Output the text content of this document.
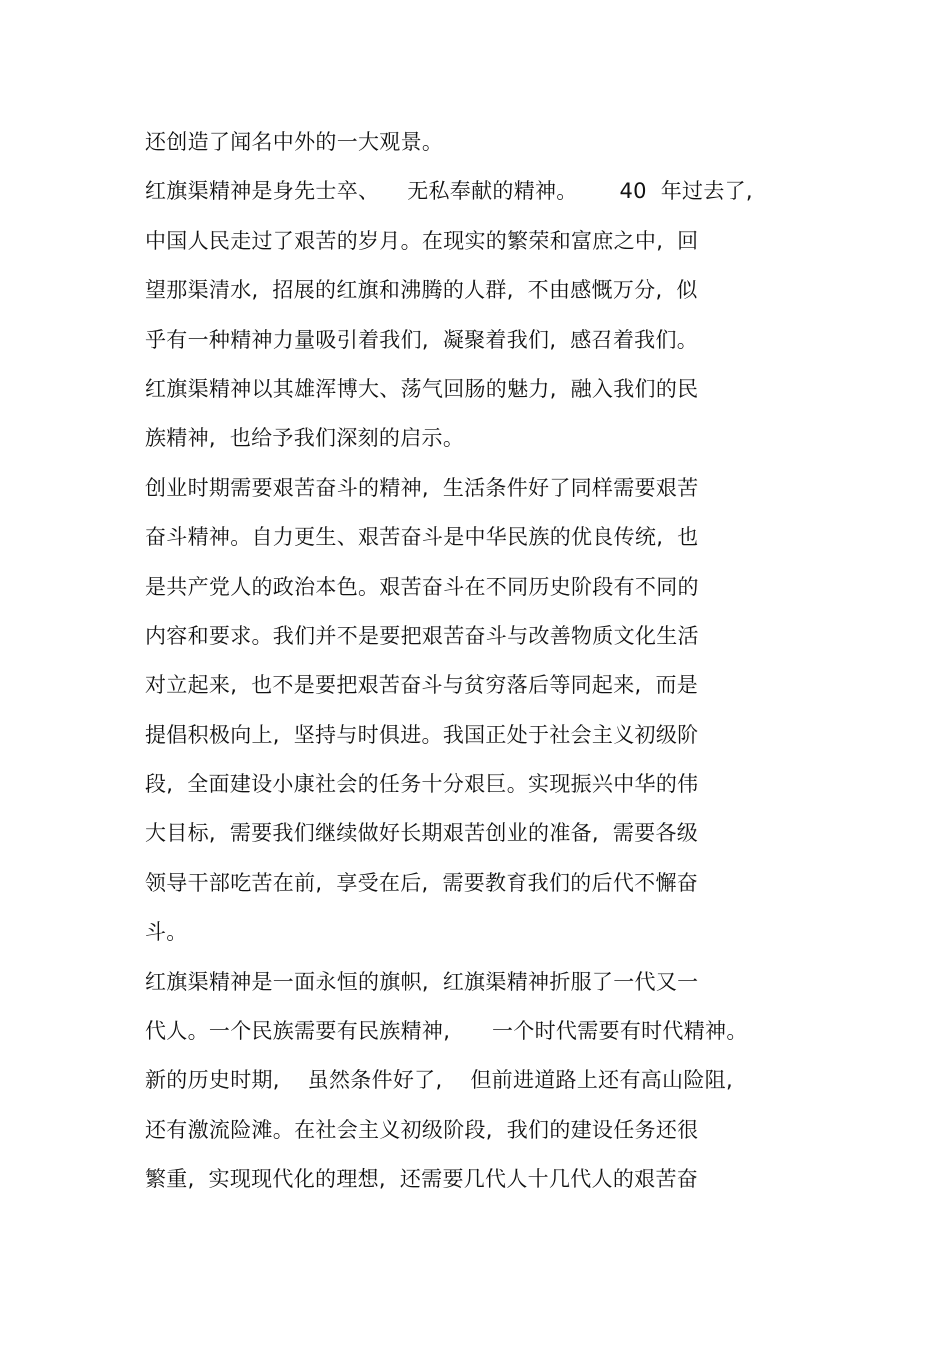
还创造了闻名中外的一大观景。
红旗渠精神是身先士卒、    无私奉献的精神。      40  年过去了,
中国人民走过了艰苦的岁月。在现实的繁荣和富庶之中,  回
望那渠清水,  招展的红旗和沸腾的人群,  不由感慨万分,  似
乎有一种精神力量吸引着我们,  凝聚着我们,  感召着我们。
红旗渠精神以其雄浑博大、荡气回肠的魅力,  融入我们的民
族精神,  也给予我们深刻的启示。
创业时期需要艰苦奋斗的精神,  生活条件好了同样需要艰苦
奋斗精神。自力更生、艰苦奋斗是中华民族的优良传统,  也
是共产党人的政治本色。艰苦奋斗在不同历史阶段有不同的
内容和要求。我们并不是要把艰苦奋斗与改善物质文化生活
对立起来,  也不是要把艰苦奋斗与贫穷落后等同起来,  而是
提倡积极向上,  坚持与时俱进。我国正处于社会主义初级阶
段,  全面建设小康社会的任务十分艰巨。实现振兴中华的伟
大目标,  需要我们继续做好长期艰苦创业的准备,  需要各级
领导干部吃苦在前,  享受在后,  需要教育我们的后代不懈奋
斗。
红旗渠精神是一面永恒的旗帜,  红旗渠精神折服了一代又一
代人。一个民族需要有民族精神,      一个时代需要有时代精神。
新的历史时期,    虽然条件好了,    但前进道路上还有高山险阻,
还有激流险滩。在社会主义初级阶段,  我们的建设任务还很
繁重,  实现现代化的理想,  还需要几代人十几代人的艰苦奋
